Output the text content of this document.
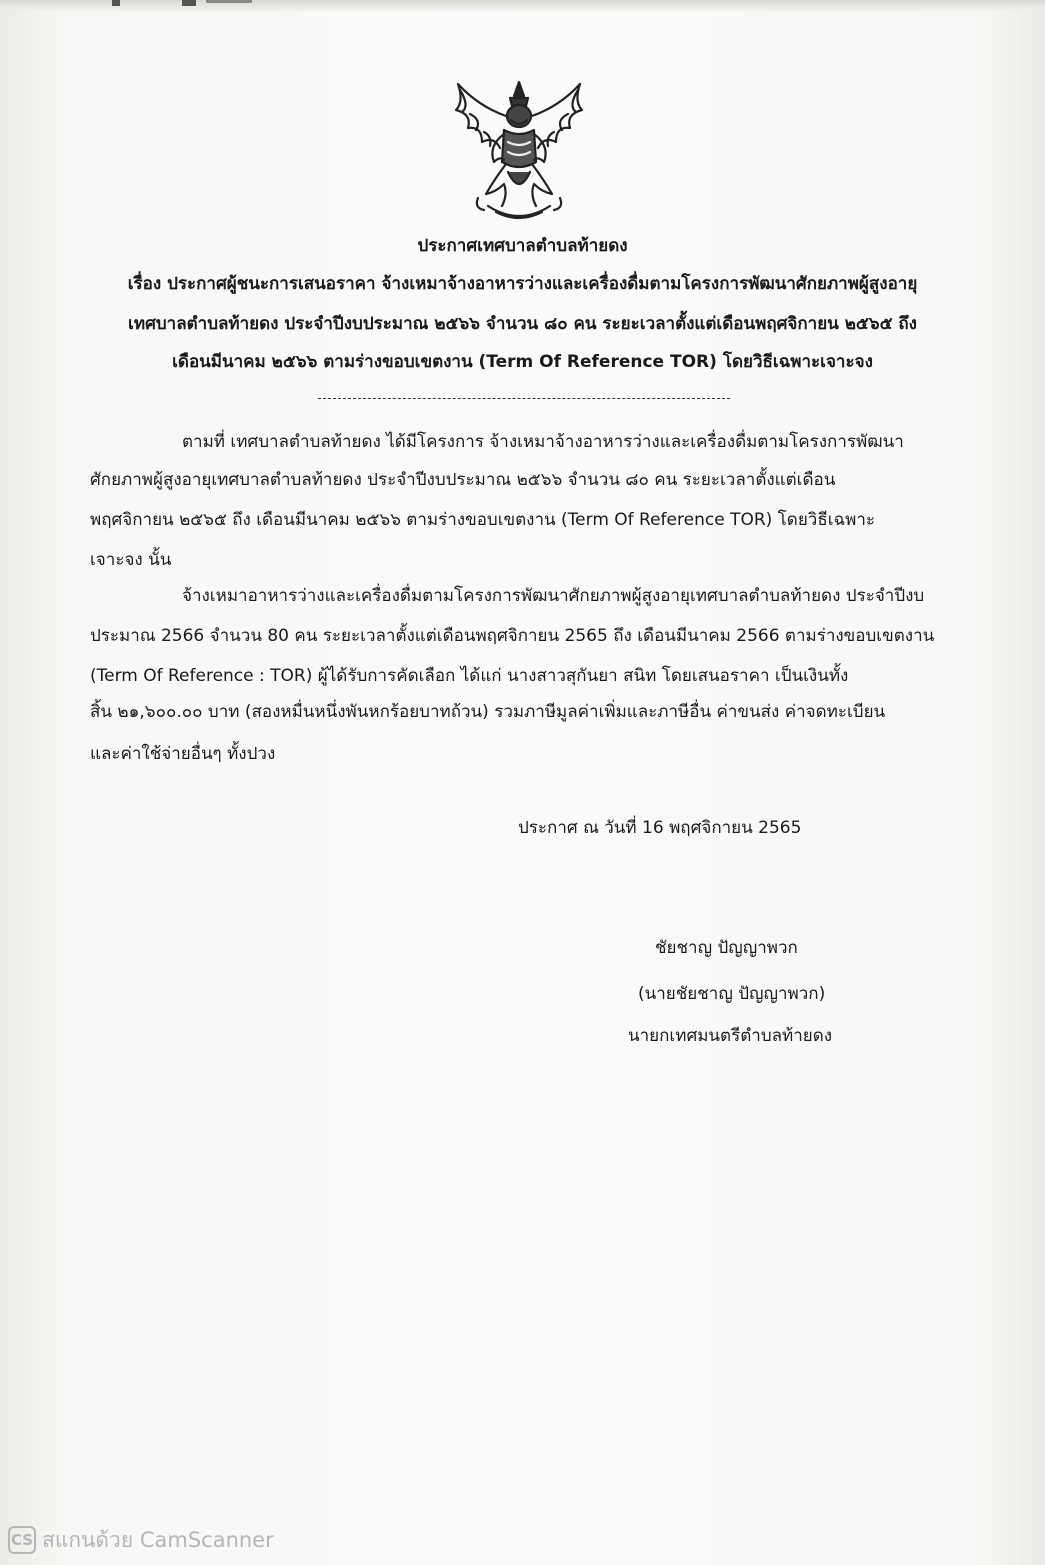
ประกาศเทศบาลตำบลท้ายดง
เรื่อง ประกาศผู้ชนะการเสนอราคา จ้างเหมาจ้างอาหารว่างและเครื่องดื่มตามโครงการพัฒนาศักยภาพผู้สูงอายุ
เทศบาลตำบลท้ายดง ประจำปีงบประมาณ ๒๕๖๖ จำนวน ๘๐ คน ระยะเวลาตั้งแต่เดือนพฤศจิกายน ๒๕๖๕ ถึง
เดือนมีนาคม ๒๕๖๖ ตามร่างขอบเขตงาน (Term Of Reference TOR) โดยวิธีเฉพาะเจาะจง
ตามที่ เทศบาลตำบลท้ายดง ได้มีโครงการ จ้างเหมาจ้างอาหารว่างและเครื่องดื่มตามโครงการพัฒนา
ศักยภาพผู้สูงอายุเทศบาลตำบลท้ายดง ประจำปีงบประมาณ ๒๕๖๖ จำนวน ๘๐ คน ระยะเวลาตั้งแต่เดือน
พฤศจิกายน ๒๕๖๕ ถึง เดือนมีนาคม ๒๕๖๖ ตามร่างขอบเขตงาน (Term Of Reference TOR) โดยวิธีเฉพาะ
เจาะจง นั้น
จ้างเหมาอาหารว่างและเครื่องดื่มตามโครงการพัฒนาศักยภาพผู้สูงอายุเทศบาลตำบลท้ายดง ประจำปีงบ
ประมาณ 2566 จำนวน 80 คน ระยะเวลาตั้งแต่เดือนพฤศจิกายน 2565 ถึง เดือนมีนาคม 2566 ตามร่างขอบเขตงาน
(Term Of Reference : TOR) ผู้ได้รับการคัดเลือก ได้แก่ นางสาวสุกันยา สนิท โดยเสนอราคา เป็นเงินทั้ง
สิ้น ๒๑,๖๐๐.๐๐ บาท (สองหมื่นหนึ่งพันหกร้อยบาทถ้วน) รวมภาษีมูลค่าเพิ่มและภาษีอื่น ค่าขนส่ง ค่าจดทะเบียน
และค่าใช้จ่ายอื่นๆ ทั้งปวง
ประกาศ ณ วันที่ 16 พฤศจิกายน 2565
ชัยชาญ ปัญญาพวก
(นายชัยชาญ ปัญญาพวก)
นายกเทศมนตรีตำบลท้ายดง
CS สแกนด้วย CamScanner
